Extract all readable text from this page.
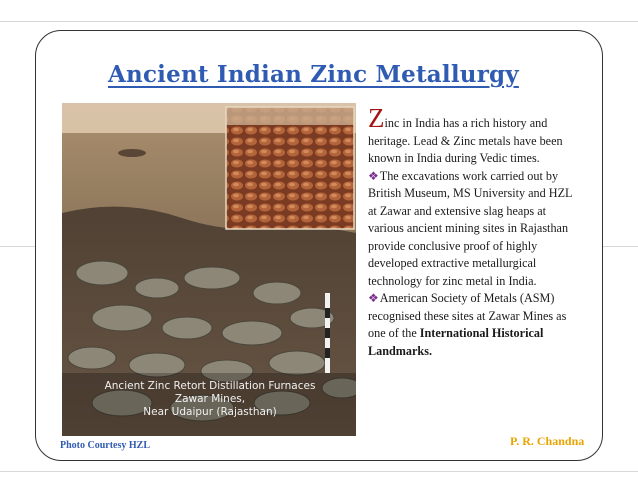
Ancient Indian Zinc Metallurgy
Ancient Zinc Retort Distillation Furnaces
Zawar Mines,
Near Udaipur (Rajasthan)
Photo Courtesy HZL	P. R. Chandna

Zinc in India has a rich history and heritage. Lead & Zinc metals have been known in India during Vedic times.

❖The excavations work carried out by British Museum, MS University and HZL at Zawar and extensive slag heaps at various ancient mining sites in Rajasthan provide conclusive proof of highly developed extractive metallurgical technology for zinc metal in India.

❖American Society of Metals (ASM) recognised these sites at Zawar Mines as one of the International Historical Landmarks.
